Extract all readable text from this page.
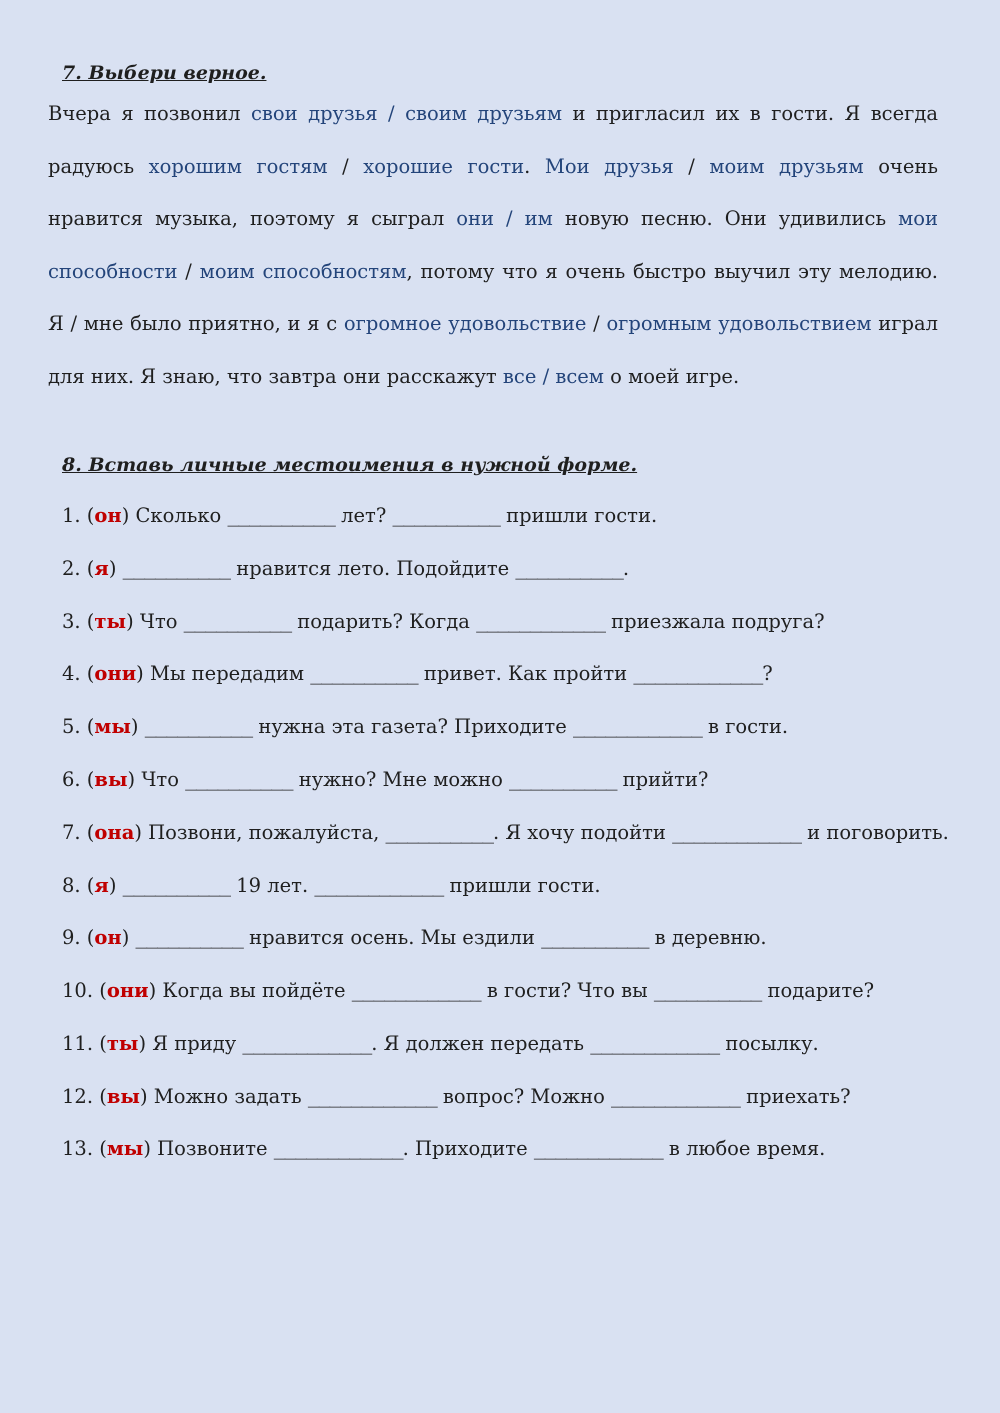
7. Выбери верное.
Вчера я позвонил свои друзья / своим друзьям и пригласил их в гости. Я всегда радуюсь хорошим гостям / хорошие гости. Мои друзья / моим друзьям очень нравится музыка, поэтому я сыграл они / им новую песню. Они удивились мои способности / моим способностям, потому что я очень быстро выучил эту мелодию. Я / мне было приятно, и я с огромное удовольствие / огромным удовольствием играл для них. Я знаю, что завтра они расскажут все / всем о моей игре.
8. Вставь личные местоимения в нужной форме.
1. (он) Сколько __________ лет? __________ пришли гости.
2. (я) __________ нравится лето. Подойдите __________.
3. (ты) Что __________ подарить? Когда ____________ приезжала подруга?
4. (они) Мы передадим __________ привет. Как пройти ____________?
5. (мы) __________ нужна эта газета? Приходите ____________ в гости.
6. (вы) Что __________ нужно? Мне можно __________ прийти?
7. (она) Позвони, пожалуйста, __________. Я хочу подойти ____________ и поговорить.
8. (я) __________ 19 лет. ____________ пришли гости.
9. (он) __________ нравится осень. Мы ездили __________ в деревню.
10. (они) Когда вы пойдёте ____________ в гости? Что вы __________ подарите?
11. (ты) Я приду ____________. Я должен передать ____________ посылку.
12. (вы) Можно задать ____________ вопрос? Можно ____________ приехать?
13. (мы) Позвоните ____________. Приходите ____________ в любое время.
